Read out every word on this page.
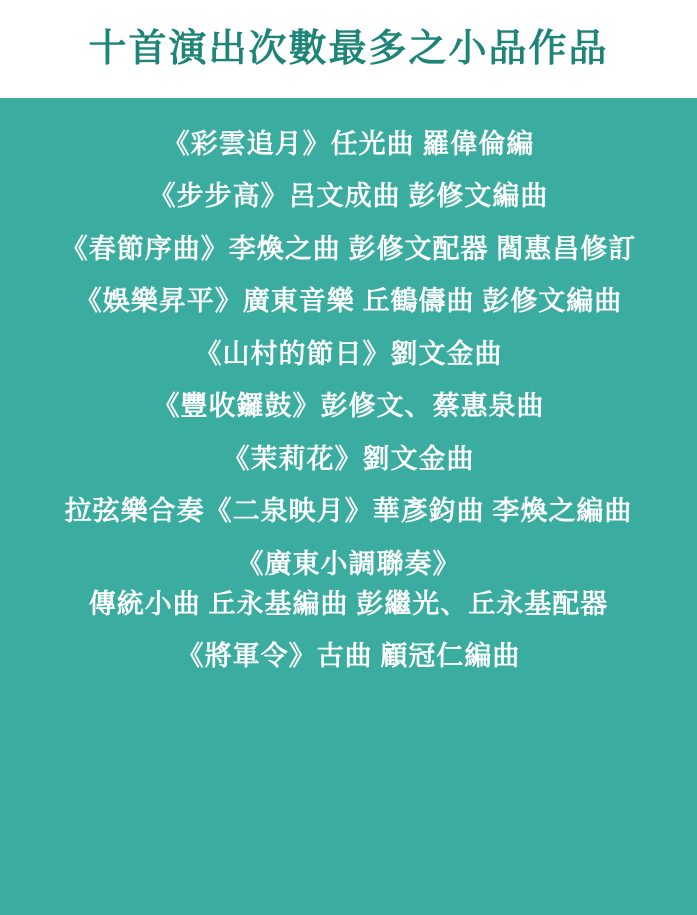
十首演出次數最多之小品作品
《彩雲追月》任光曲 羅偉倫編
《步步高》呂文成曲 彭修文編曲
《春節序曲》李煥之曲 彭修文配器 閻惠昌修訂
《娛樂昇平》廣東音樂 丘鶴儔曲 彭修文編曲
《山村的節日》劉文金曲
《豐收鑼鼓》彭修文、蔡惠泉曲
《茉莉花》劉文金曲
拉弦樂合奏《二泉映月》華彥鈞曲 李煥之編曲
《廣東小調聯奏》
傳統小曲 丘永基編曲 彭繼光、丘永基配器
《將軍令》古曲 顧冠仁編曲
